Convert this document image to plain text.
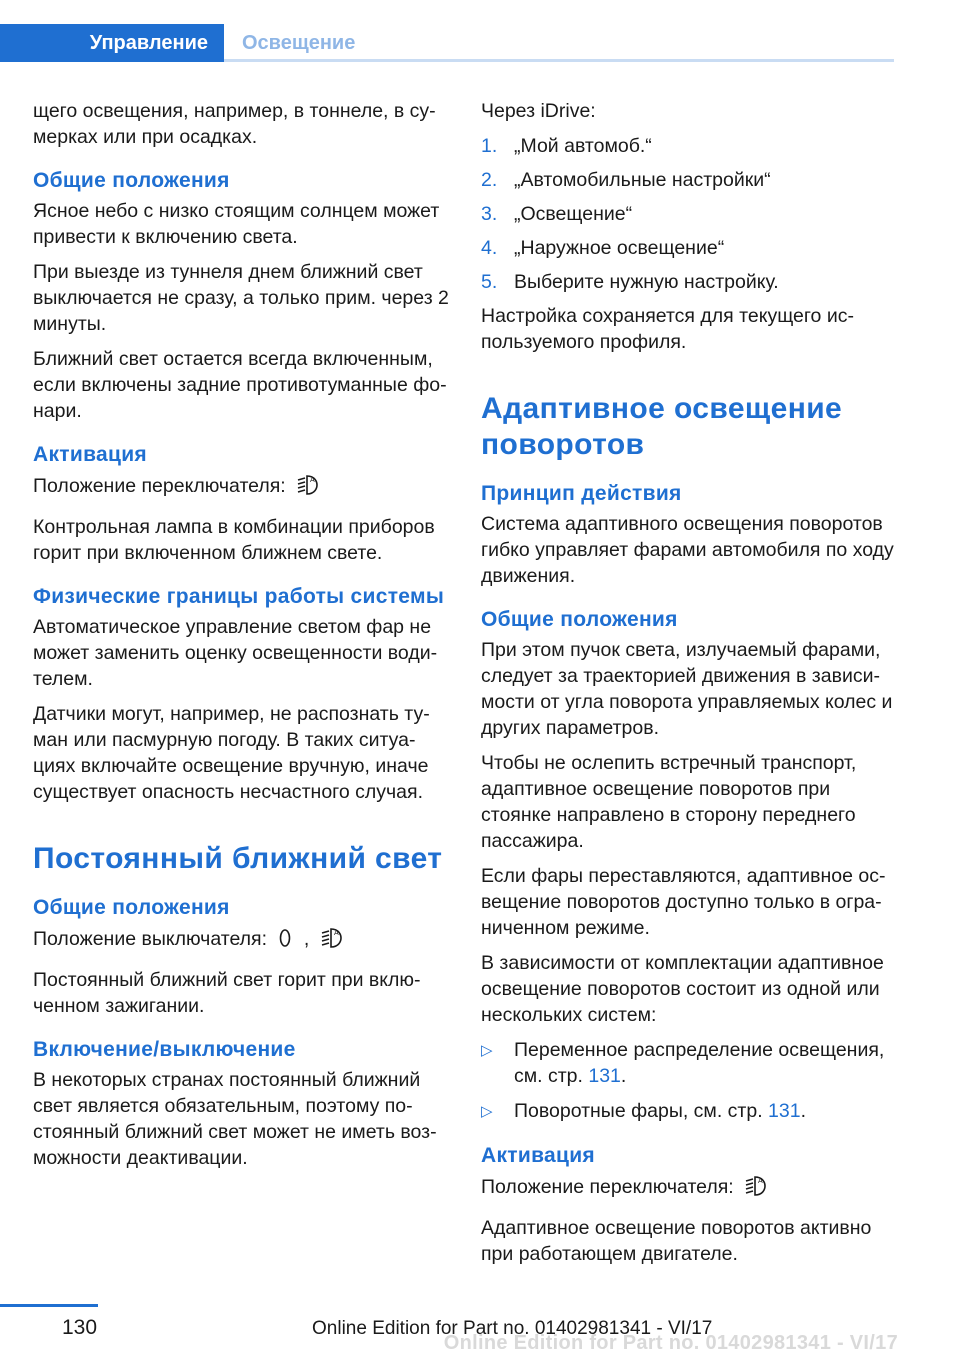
Управление	Освещение

щего освещения, например, в тоннеле, в су-мерках или при осадках.

Общие положения

Ясное небо с низко стоящим солнцем может привести к включению света.

При выезде из туннеля днем ближний свет выключается не сразу, а только прим. через 2 минуты.

Ближний свет остается всегда включенным, если включены задние противотуманные фо-нари.

Активация

Положение переключателя:	A

Контрольная лампа в комбинации приборов горит при включенном ближнем свете.

Физические границы работы системы

Автоматическое управление светом фар не может заменить оценку освещенности води-телем.

Датчики могут, например, не распознать ту-ман или пасмурную погоду. В таких ситуа-циях включайте освещение вручную, иначе существует опасность несчастного случая.

Постоянный ближний свет
Общие положения

Положение выключателя: ,	A

Постоянный ближний свет горит при вклю-ченном зажигании.

Включение/выключение

В некоторых странах постоянный ближний свет является обязательным, поэтому по-стоянный ближний свет может не иметь воз-можности деактивации.

Через iDrive:

1. „Мой автомоб.“
2. „Автомобильные настройки“
3. „Освещение“
4. „Наружное освещение“
5. Выберите нужную настройку.

Настройка сохраняется для текущего ис-пользуемого профиля.

Адаптивное освещение поворотов
Принцип действия

Система адаптивного освещения поворотов гибко управляет фарами автомобиля по ходу движения.

Общие положения

При этом пучок света, излучаемый фарами, следует за траекторией движения в зависи-мости от угла поворота управляемых колес и других параметров.

Чтобы не ослепить встречный транспорт, адаптивное освещение поворотов при стоянке направлено в сторону переднего пассажира.

Если фары переставляются, адаптивное ос-вещение поворотов доступно только в огра-ниченном режиме.

В зависимости от комплектации адаптивное освещение поворотов состоит из одной или нескольких систем:

▷	Переменное распределение освещения, см. стр. 131.
▷	Поворотные фары, см. стр. 131.
Активация

Положение переключателя:	A

Адаптивное освещение поворотов активно при работающем двигателе.

130
Online Edition for Part no. 01402981341 - VI/17
Online Edition for Part no. 01402981341 - VI/17
